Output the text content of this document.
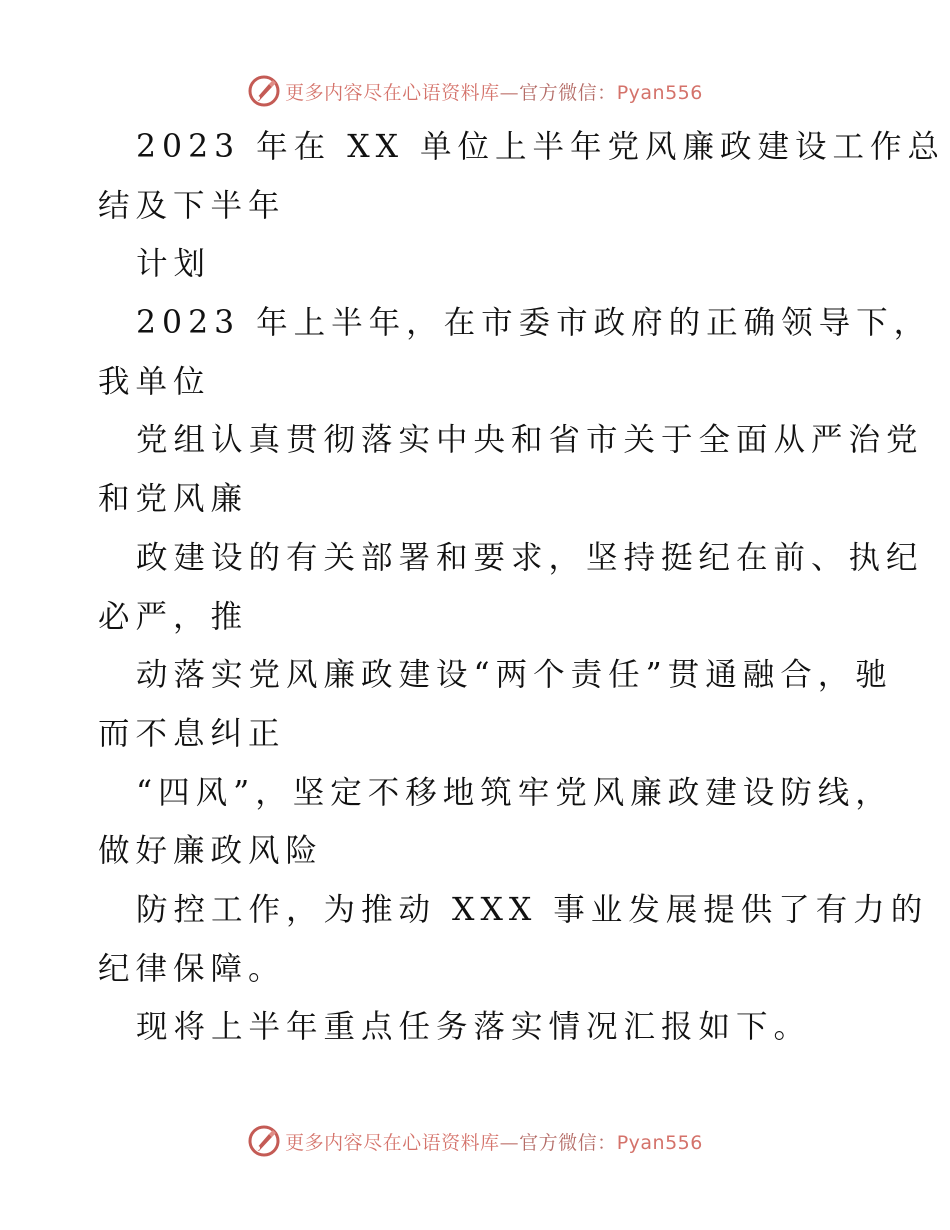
更多内容尽在心语资料库—官方微信：Pyan556
2023 年在 XX 单位上半年党风廉政建设工作总
结及下半年
计划
2023 年上半年，在市委市政府的正确领导下，
我单位
党组认真贯彻落实中央和省市关于全面从严治党
和党风廉
政建设的有关部署和要求，坚持挺纪在前、执纪
必严，推
动落实党风廉政建设“两个责任”贯通融合，驰
而不息纠正
“四风”，坚定不移地筑牢党风廉政建设防线，
做好廉政风险
防控工作，为推动 XXX 事业发展提供了有力的
纪律保障。
现将上半年重点任务落实情况汇报如下。
更多内容尽在心语资料库—官方微信：Pyan556
